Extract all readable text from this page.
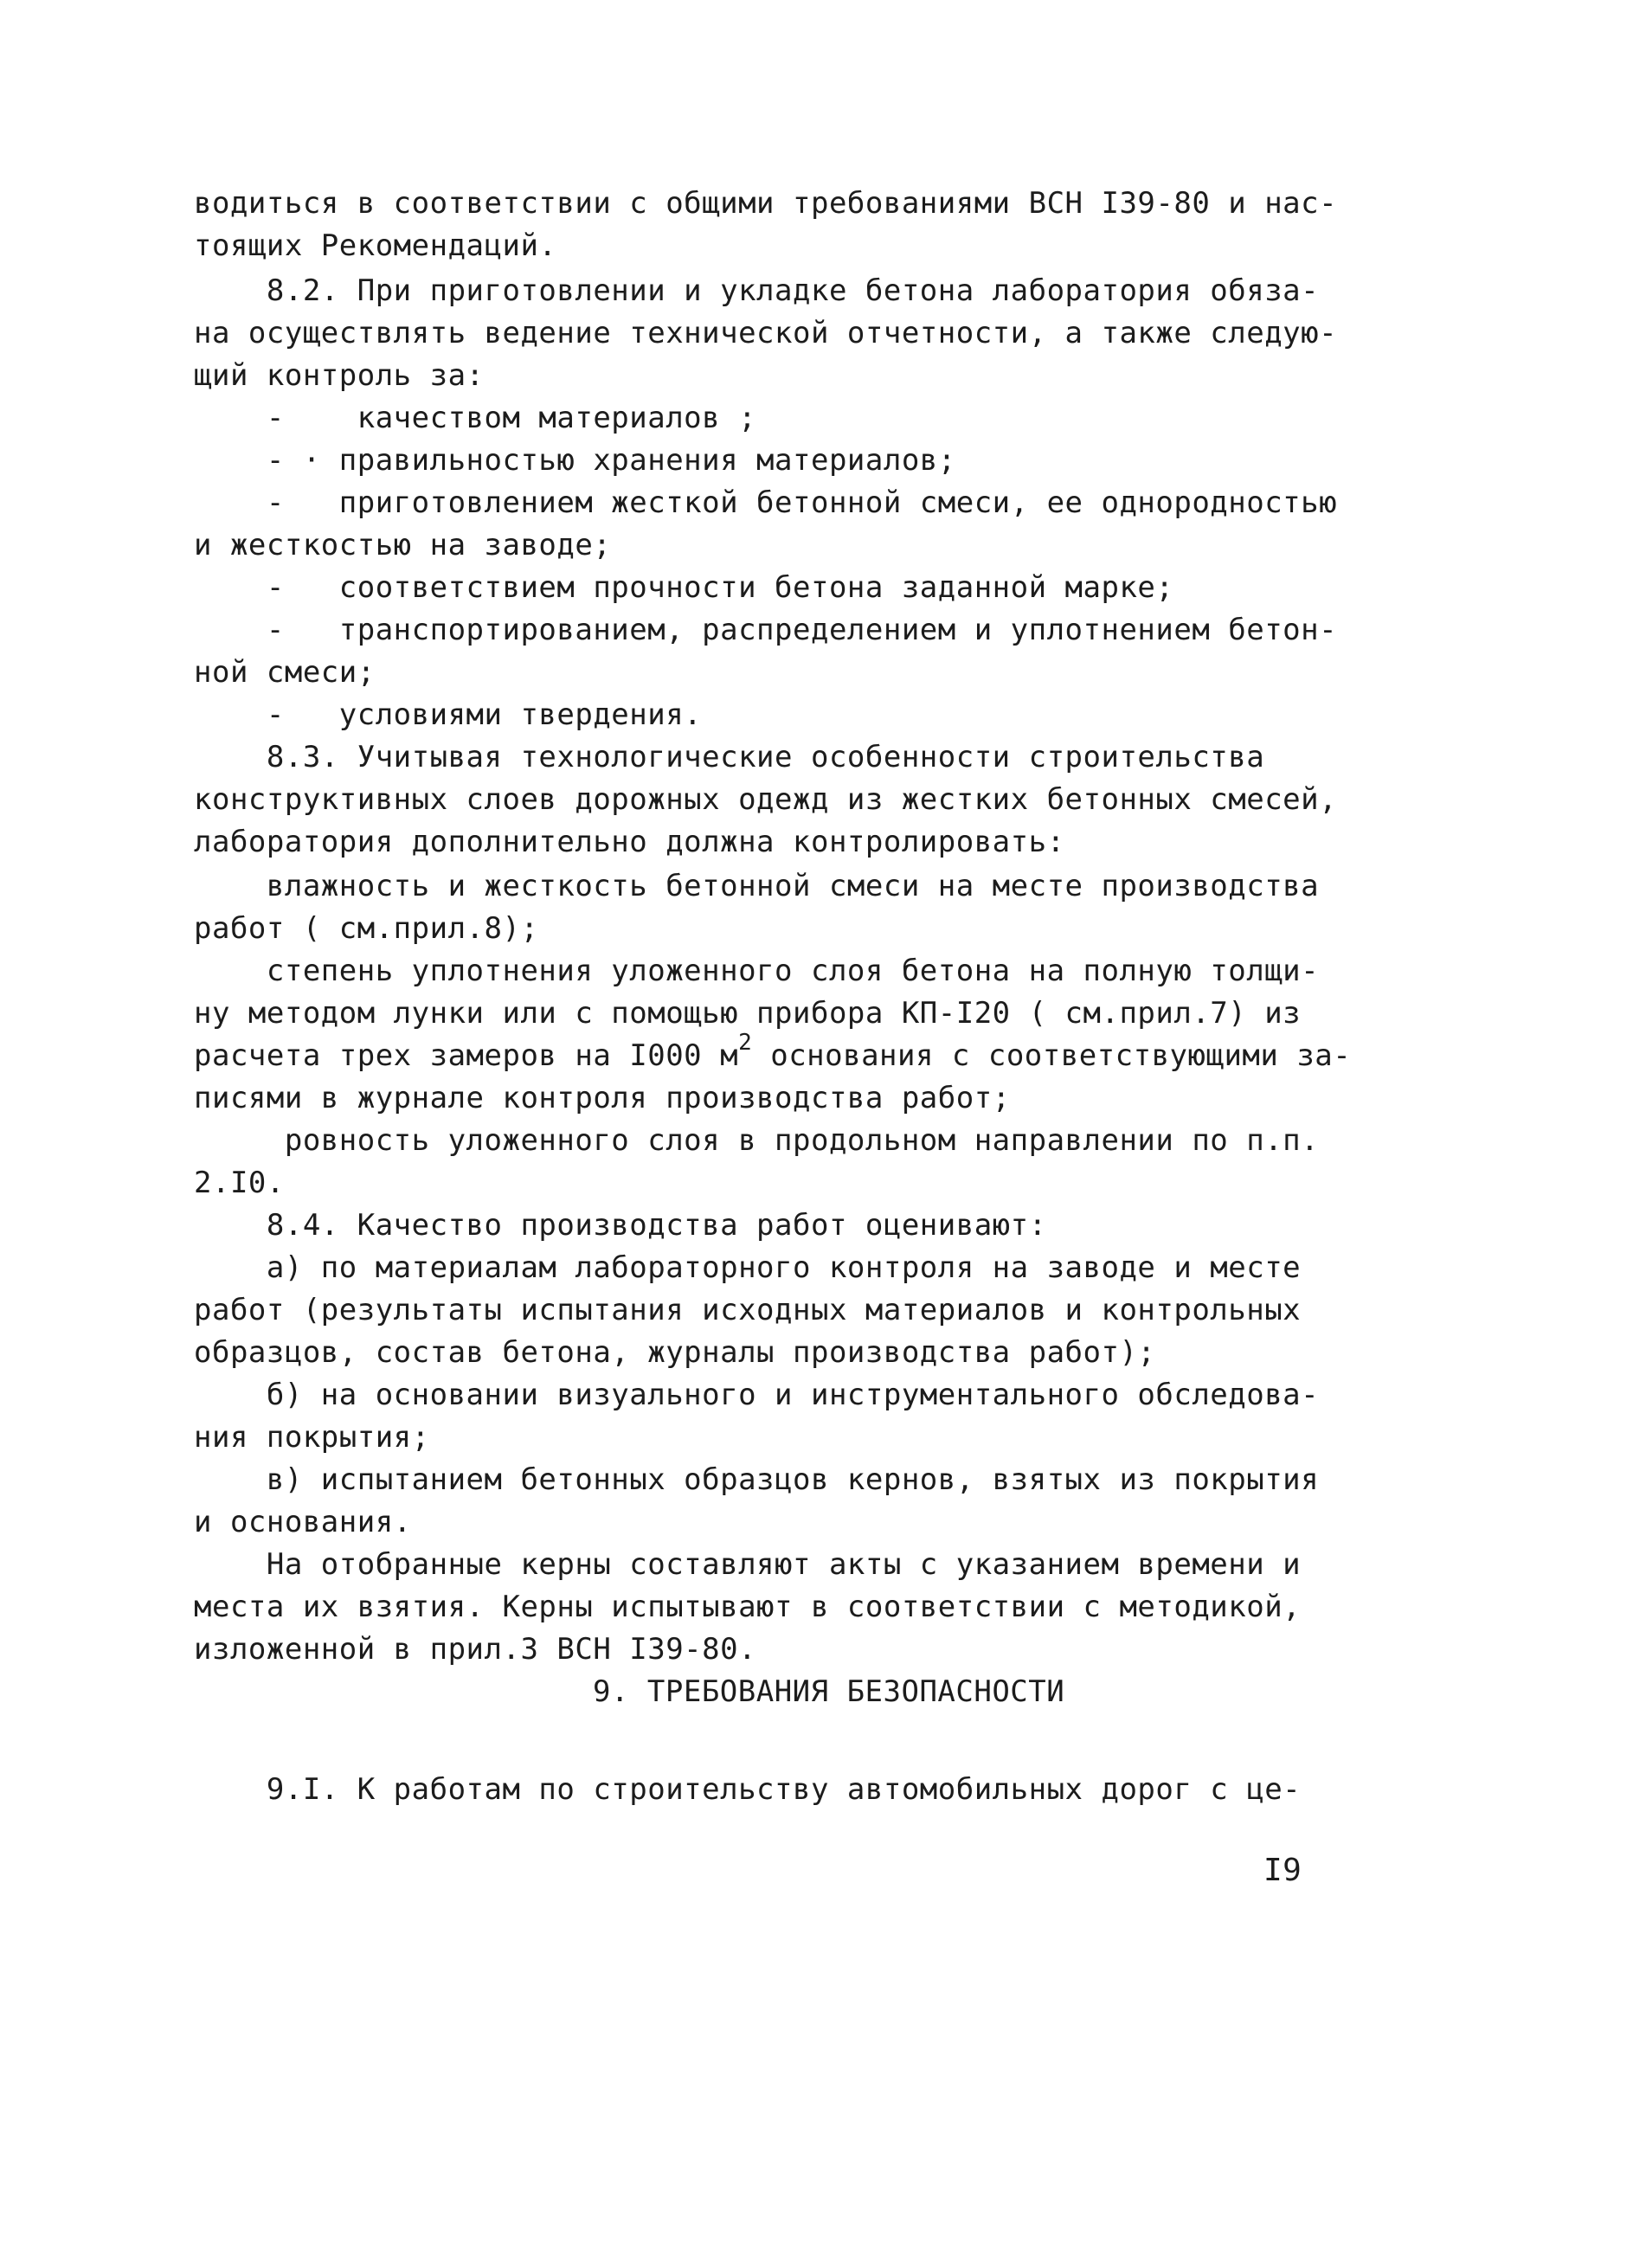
водиться в соответствии с общими требованиями ВСН I39-80 и нас-
тоящих Рекомендаций.
8.2. При приготовлении и укладке бетона лаборатория обяза-
на осуществлять ведение технической отчетности, а также следую-
щий контроль за:
-    качеством материалов ;
- · правильностью хранения материалов;
-   приготовлением жесткой бетонной смеси, ее однородностью
и жесткостью на заводе;
-   соответствием прочности бетона заданной марке;
-   транспортированием, распределением и уплотнением бетон-
ной смеси;
-   условиями твердения.
8.3. Учитывая технологические особенности строительства
конструктивных слоев дорожных одежд из жестких бетонных смесей,
лаборатория дополнительно должна контролировать:
влажность и жесткость бетонной смеси на месте производства
работ ( см.прил.8);
степень уплотнения уложенного слоя бетона на полную толщи-
ну методом лунки или с помощью прибора КП-I20 ( см.прил.7) из
расчета трех замеров на I000 $м^2$ основания с соответствующими за-
писями в журнале контроля производства работ;
ровность уложенного слоя в продольном направлении по п.п.
2.I0.
8.4. Качество производства работ оценивают:
а) по материалам лабораторного контроля на заводе и месте
работ (результаты испытания исходных материалов и контрольных
образцов, состав бетона, журналы производства работ);
б) на основании визуального и инструментального обследова-
ния покрытия;
в) испытанием бетонных образцов кернов, взятых из покрытия
и основания.
На отобранные керны составляют акты с указанием времени и
места их взятия. Керны испытывают в соответствии с методикой,
изложенной в прил.3 ВСН I39-80.
9. ТРЕБОВАНИЯ БЕЗОПАСНОСТИ
9.I. К работам по строительству автомобильных дорог с це-
I9
